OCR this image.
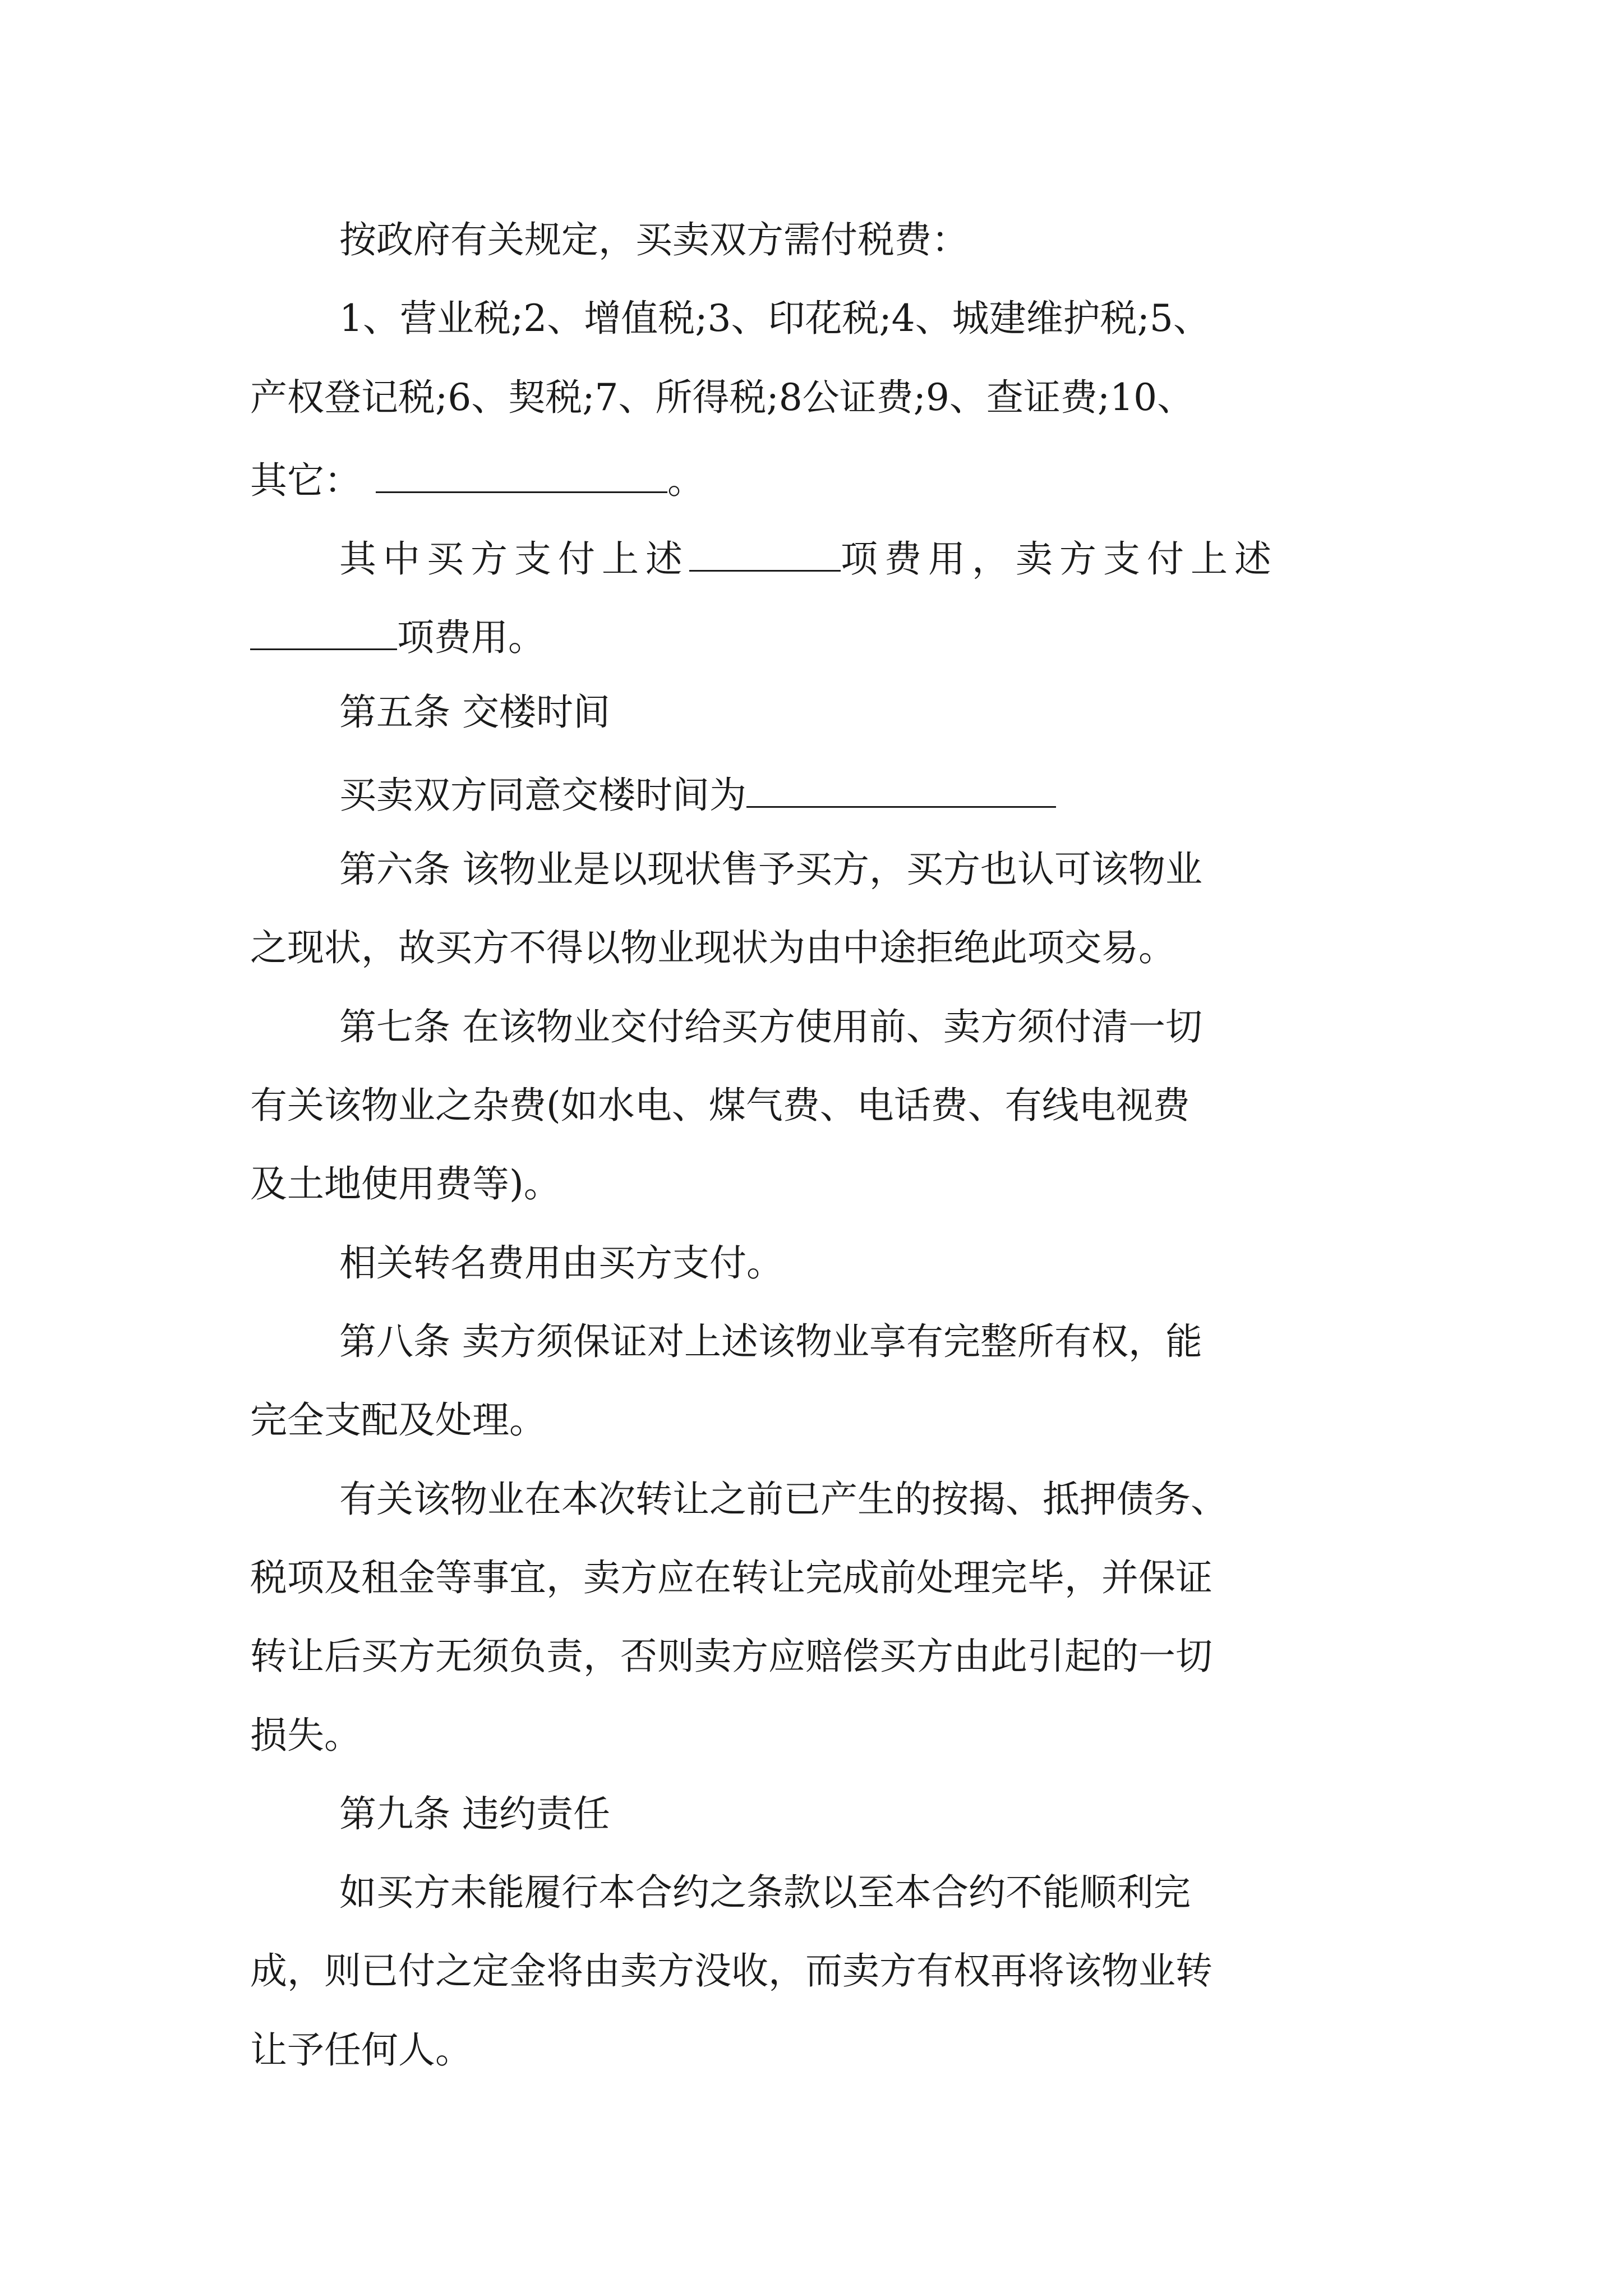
按政府有关规定，买卖双方需付税费：

1、营业税;2、增值税;3、印花税;4、城建维护税;5、

产权登记税;6、契税;7、所得税;8公证费;9、查证费;10、

其它：	。

其中买方支付上述	项费用，卖方支付上述

项费用。

第五条 交楼时间

买卖双方同意交楼时间为

第六条 该物业是以现状售予买方，买方也认可该物业

之现状，故买方不得以物业现状为由中途拒绝此项交易。

第七条 在该物业交付给买方使用前、卖方须付清一切

有关该物业之杂费(如水电、煤气费、电话费、有线电视费

及土地使用费等)。

相关转名费用由买方支付。

第八条 卖方须保证对上述该物业享有完整所有权，能

完全支配及处理。

有关该物业在本次转让之前已产生的按揭、抵押债务、

税项及租金等事宜，卖方应在转让完成前处理完毕，并保证

转让后买方无须负责，否则卖方应赔偿买方由此引起的一切

损失。

第九条 违约责任

如买方未能履行本合约之条款以至本合约不能顺利完

成，则已付之定金将由卖方没收，而卖方有权再将该物业转

让予任何人。
